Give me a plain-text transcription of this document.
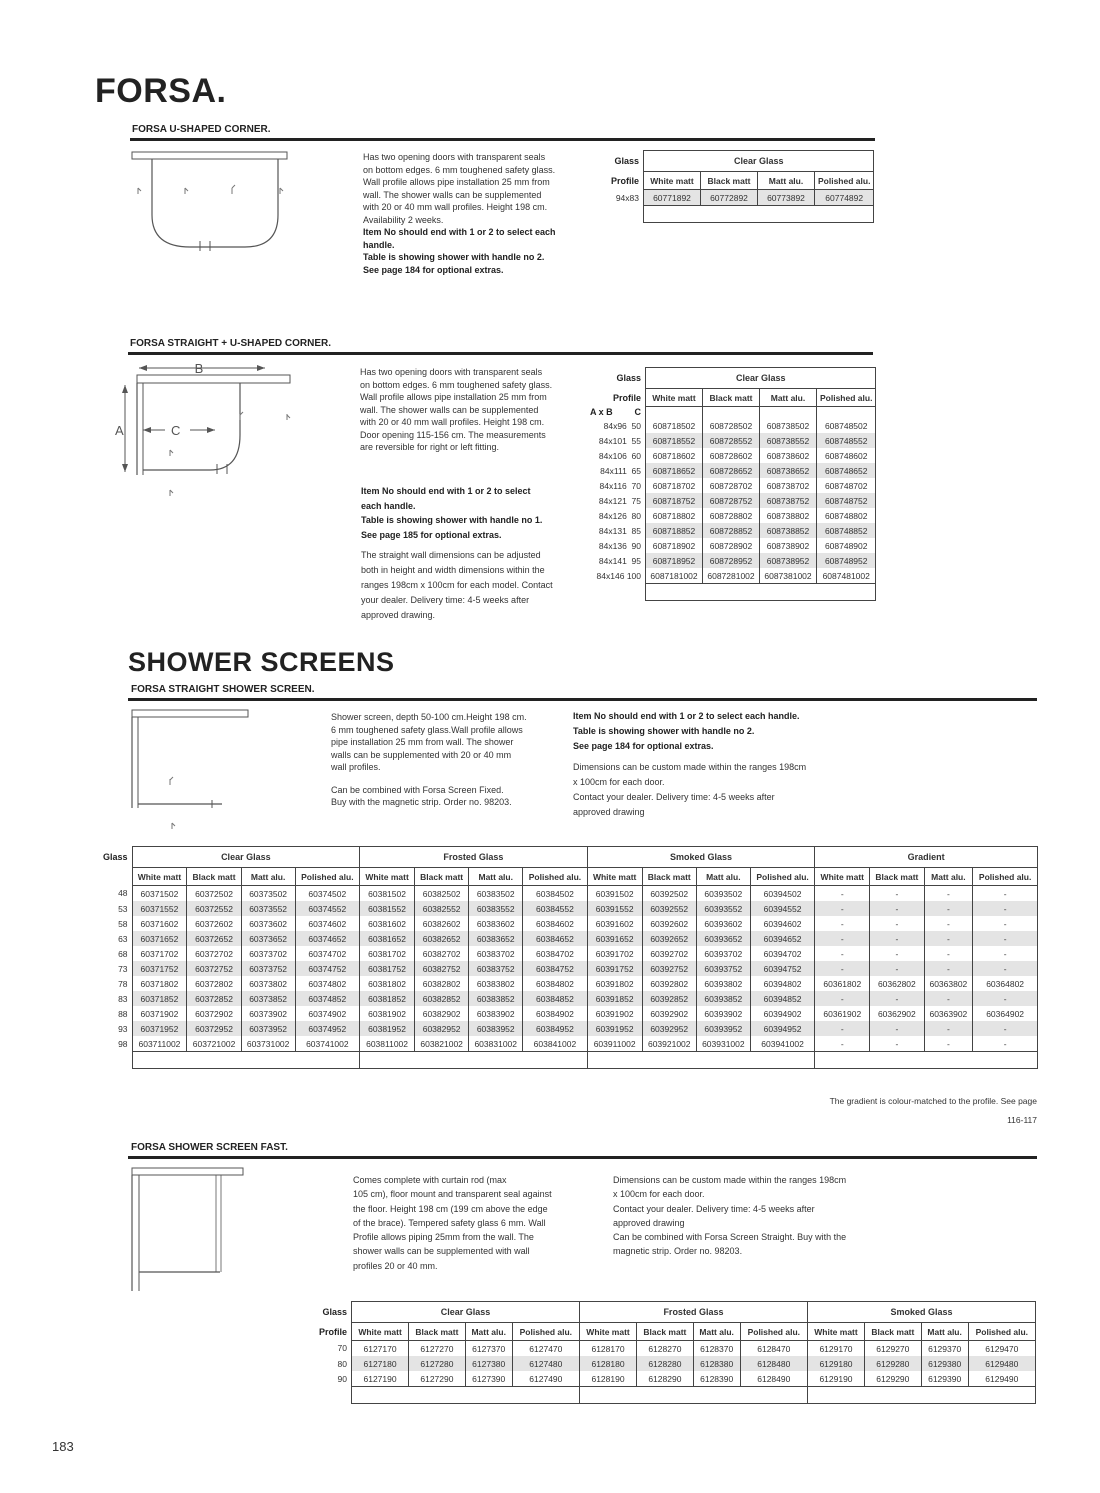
FORSA.
FORSA U-SHAPED CORNER.

Has two opening doors with transparent seals

on bottom edges. 6 mm toughened safety glass.

Wall profile allows pipe installation 25 mm from

wall. The shower walls can be supplemented

with 20 or 40 mm wall profiles. Height 198 cm.

Availability 2 weeks.

Item No should end with 1 or 2 to select each

handle.

Table is showing shower with handle no 2.

See page 184 for optional extras.

Glass	Clear Glass			
Profile	White matt	Black matt	Matt alu.	Polished alu.
94x83	60771892	60772892	60773892	60774892

FORSA STRAIGHT + U-SHAPED CORNER.
B
A	C

Has two opening doors with transparent seals

on bottom edges. 6 mm toughened safety glass.

Wall profile allows pipe installation 25 mm from

wall. The shower walls can be supplemented

with 20 or 40 mm wall profiles. Height 198 cm.

Door opening 115-156 cm. The measurements

are reversible for right or left fitting.

Item No should end with 1 or 2 to select

each handle.

Table is showing shower with handle no 1.

See page 185 for optional extras.

The straight wall dimensions can be adjusted

both in height and width dimensions within the

ranges 198cm x 100cm for each model. Contact

your dealer. Delivery time: 4-5 weeks after

approved drawing.

Glass	Clear Glass			
Profile	White matt	Black matt	Matt alu.	Polished alu.
A x B C				

84x96 50	608718502	608728502	608738502	608748502
84x101 55	608718552	608728552	608738552	608748552
84x106 60	608718602	608728602	608738602	608748602
84x111 65	608718652	608728652	608738652	608748652
84x116 70	608718702	608728702	608738702	608748702
84x121 75	608718752	608728752	608738752	608748752
84x126 80	608718802	608728802	608738802	608748802
84x131 85	608718852	608728852	608738852	608748852
84x136 90	608718902	608728902	608738902	608748902
84x141 95	608718952	608728952	608738952	608748952
84x146 100	6087181002	6087281002	6087381002	6087481002

SHOWER SCREENS
FORSA STRAIGHT SHOWER SCREEN.

Shower screen, depth 50-100 cm.Height 198 cm.

6 mm toughened safety glass.Wall profile allows

pipe installation 25 mm from wall. The shower

walls can be supplemented with 20 or 40 mm

wall profiles.

Can be combined with Forsa Screen Fixed.

Buy with the magnetic strip. Order no. 98203.

Item No should end with 1 or 2 to select each handle.

Table is showing shower with handle no 2.

See page 184 for optional extras.

Dimensions can be custom made within the ranges 198cm

x 100cm for each door.

Contact your dealer. Delivery time: 4-5 weeks after

approved drawing

Glass	Clear Glass				Frosted Glass				Smoked Glass				Gradient			
	White matt	Black matt	Matt alu.	Polished alu.	White matt	Black matt	Matt alu.	Polished alu.	White matt	Black matt	Matt alu.	Polished alu.	White matt	Black matt	Matt alu.	Polished alu.
48	60371502	60372502	60373502	60374502	60381502	60382502	60383502	60384502	60391502	60392502	60393502	60394502	-	-	-	-
53	60371552	60372552	60373552	60374552	60381552	60382552	60383552	60384552	60391552	60392552	60393552	60394552	-	-	-	-
58	60371602	60372602	60373602	60374602	60381602	60382602	60383602	60384602	60391602	60392602	60393602	60394602	-	-	-	-
63	60371652	60372652	60373652	60374652	60381652	60382652	60383652	60384652	60391652	60392652	60393652	60394652	-	-	-	-
68	60371702	60372702	60373702	60374702	60381702	60382702	60383702	60384702	60391702	60392702	60393702	60394702	-	-	-	-
73	60371752	60372752	60373752	60374752	60381752	60382752	60383752	60384752	60391752	60392752	60393752	60394752	-	-	-	-
78	60371802	60372802	60373802	60374802	60381802	60382802	60383802	60384802	60391802	60392802	60393802	60394802	60361802	60362802	60363802	60364802
83	60371852	60372852	60373852	60374852	60381852	60382852	60383852	60384852	60391852	60392852	60393852	60394852	-	-	-	-
88	60371902	60372902	60373902	60374902	60381902	60382902	60383902	60384902	60391902	60392902	60393902	60394902	60361902	60362902	60363902	60364902
93	60371952	60372952	60373952	60374952	60381952	60382952	60383952	60384952	60391952	60392952	60393952	60394952	-	-	-	-
98	603711002	603721002	603731002	603741002	603811002	603821002	603831002	603841002	603911002	603921002	603931002	603941002	-	-	-	-

The gradient is colour-matched to the profile. See page
116-117
FORSA SHOWER SCREEN FAST.

Comes complete with curtain rod (max

105 cm), floor mount and transparent seal against

the floor. Height 198 cm (199 cm above the edge

of the brace). Tempered safety glass 6 mm. Wall

Profile allows piping 25mm from the wall. The

shower walls can be supplemented with wall

profiles 20 or 40 mm.

Dimensions can be custom made within the ranges 198cm

x 100cm for each door.

Contact your dealer. Delivery time: 4-5 weeks after

approved drawing

Can be combined with Forsa Screen Straight. Buy with the

magnetic strip. Order no. 98203.

Glass	Clear Glass				Frosted Glass				Smoked Glass			
Profile	White matt	Black matt	Matt alu.	Polished alu.	White matt	Black matt	Matt alu.	Polished alu.	White matt	Black matt	Matt alu.	Polished alu.
70	6127170	6127270	6127370	6127470	6128170	6128270	6128370	6128470	6129170	6129270	6129370	6129470
80	6127180	6127280	6127380	6127480	6128180	6128280	6128380	6128480	6129180	6129280	6129380	6129480
90	6127190	6127290	6127390	6127490	6128190	6128290	6128390	6128490	6129190	6129290	6129390	6129490

183
